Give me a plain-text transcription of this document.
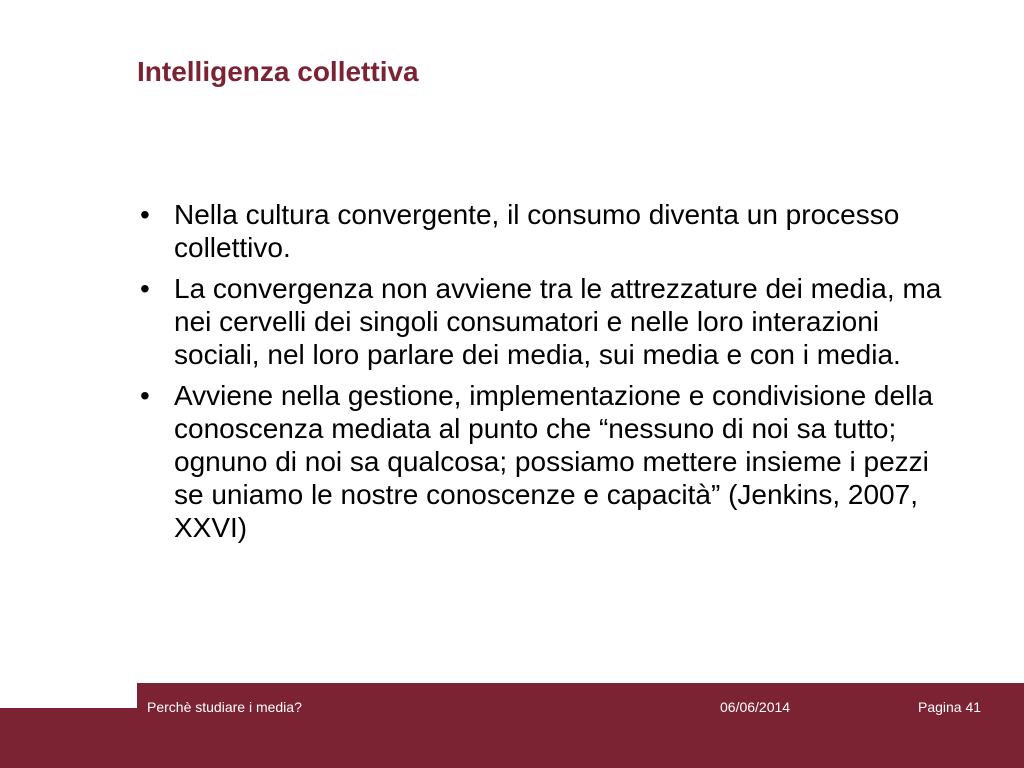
Intelligenza collettiva
• Nella cultura convergente, il consumo diventa un processo collettivo.
• La convergenza non avviene tra le attrezzature dei media, ma nei cervelli dei singoli consumatori e nelle loro interazioni sociali, nel loro parlare dei media, sui media e con i media.
• Avviene nella gestione, implementazione e condivisione della conoscenza mediata al punto che “nessuno di noi sa tutto; ognuno di noi sa qualcosa; possiamo mettere insieme i pezzi se uniamo le nostre conoscenze e capacità” (Jenkins, 2007, XXVI)
Perchè studiare i media?	06/06/2014	Pagina 41
